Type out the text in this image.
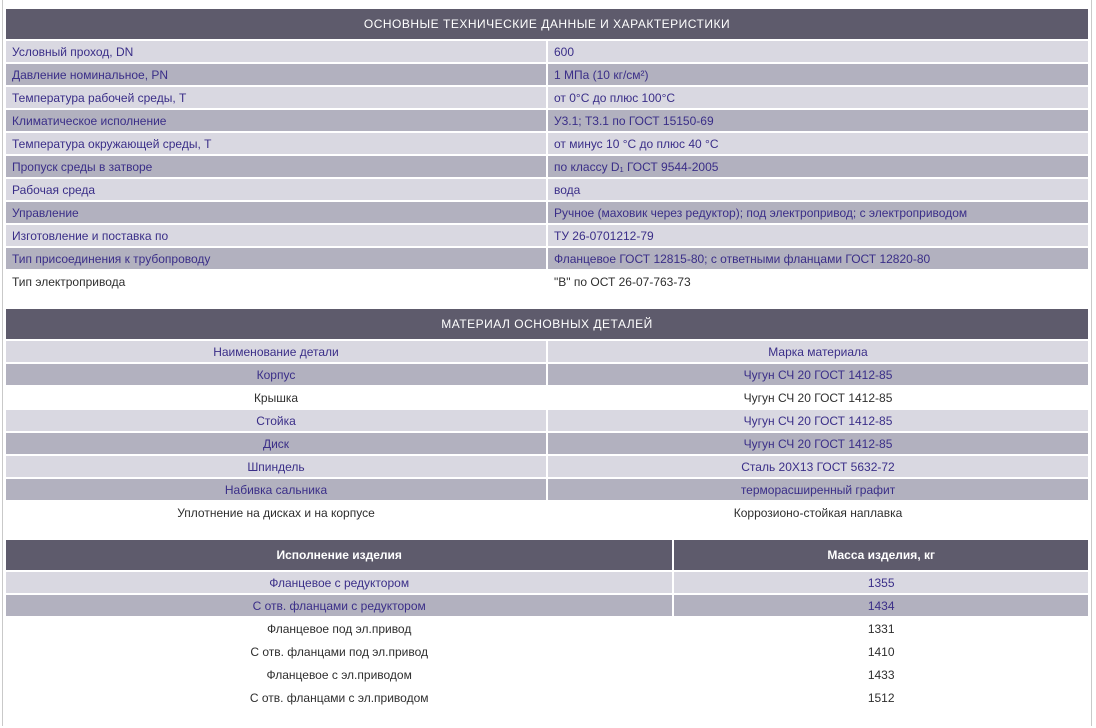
ОСНОВНЫЕ ТЕХНИЧЕСКИЕ ДАННЫЕ И ХАРАКТЕРИСТИКИ	
Условный проход, DN	600
Давление номинальное, PN	1 МПа (10 кг/см²)
Температура рабочей среды, Т	от 0°С до плюс 100°С
Климатическое исполнение	У3.1; Т3.1 по ГОСТ 15150-69
Температура окружающей среды, Т	от минус 10 °С до плюс 40 °С
Пропуск среды в затворе	по классу D₁ ГОСТ 9544-2005
Рабочая среда	вода
Управление	Ручное (маховик через редуктор); под электропривод; с электроприводом
Изготовление и поставка по	ТУ 26-0701212-79
Тип присоединения к трубопроводу	Фланцевое ГОСТ 12815-80; с ответными фланцами ГОСТ 12820-80
Тип электропривода	"В" по ОСТ 26-07-763-73
МАТЕРИАЛ ОСНОВНЫХ ДЕТАЛЕЙ	
Наименование детали	Марка материала
Корпус	Чугун СЧ 20 ГОСТ 1412-85
Крышка	Чугун СЧ 20 ГОСТ 1412-85
Стойка	Чугун СЧ 20 ГОСТ 1412-85
Диск	Чугун СЧ 20 ГОСТ 1412-85
Шпиндель	Сталь 20Х13 ГОСТ 5632-72
Набивка сальника	терморасширенный графит
Уплотнение на дисках и на корпусе	Коррозионо-стойкая наплавка
Исполнение изделия	Масса изделия, кг
Фланцевое с редуктором	1355
С отв. фланцами с редуктором	1434
Фланцевое под эл.привод	1331
С отв. фланцами под эл.привод	1410
Фланцевое с эл.приводом	1433
С отв. фланцами с эл.приводом	1512
